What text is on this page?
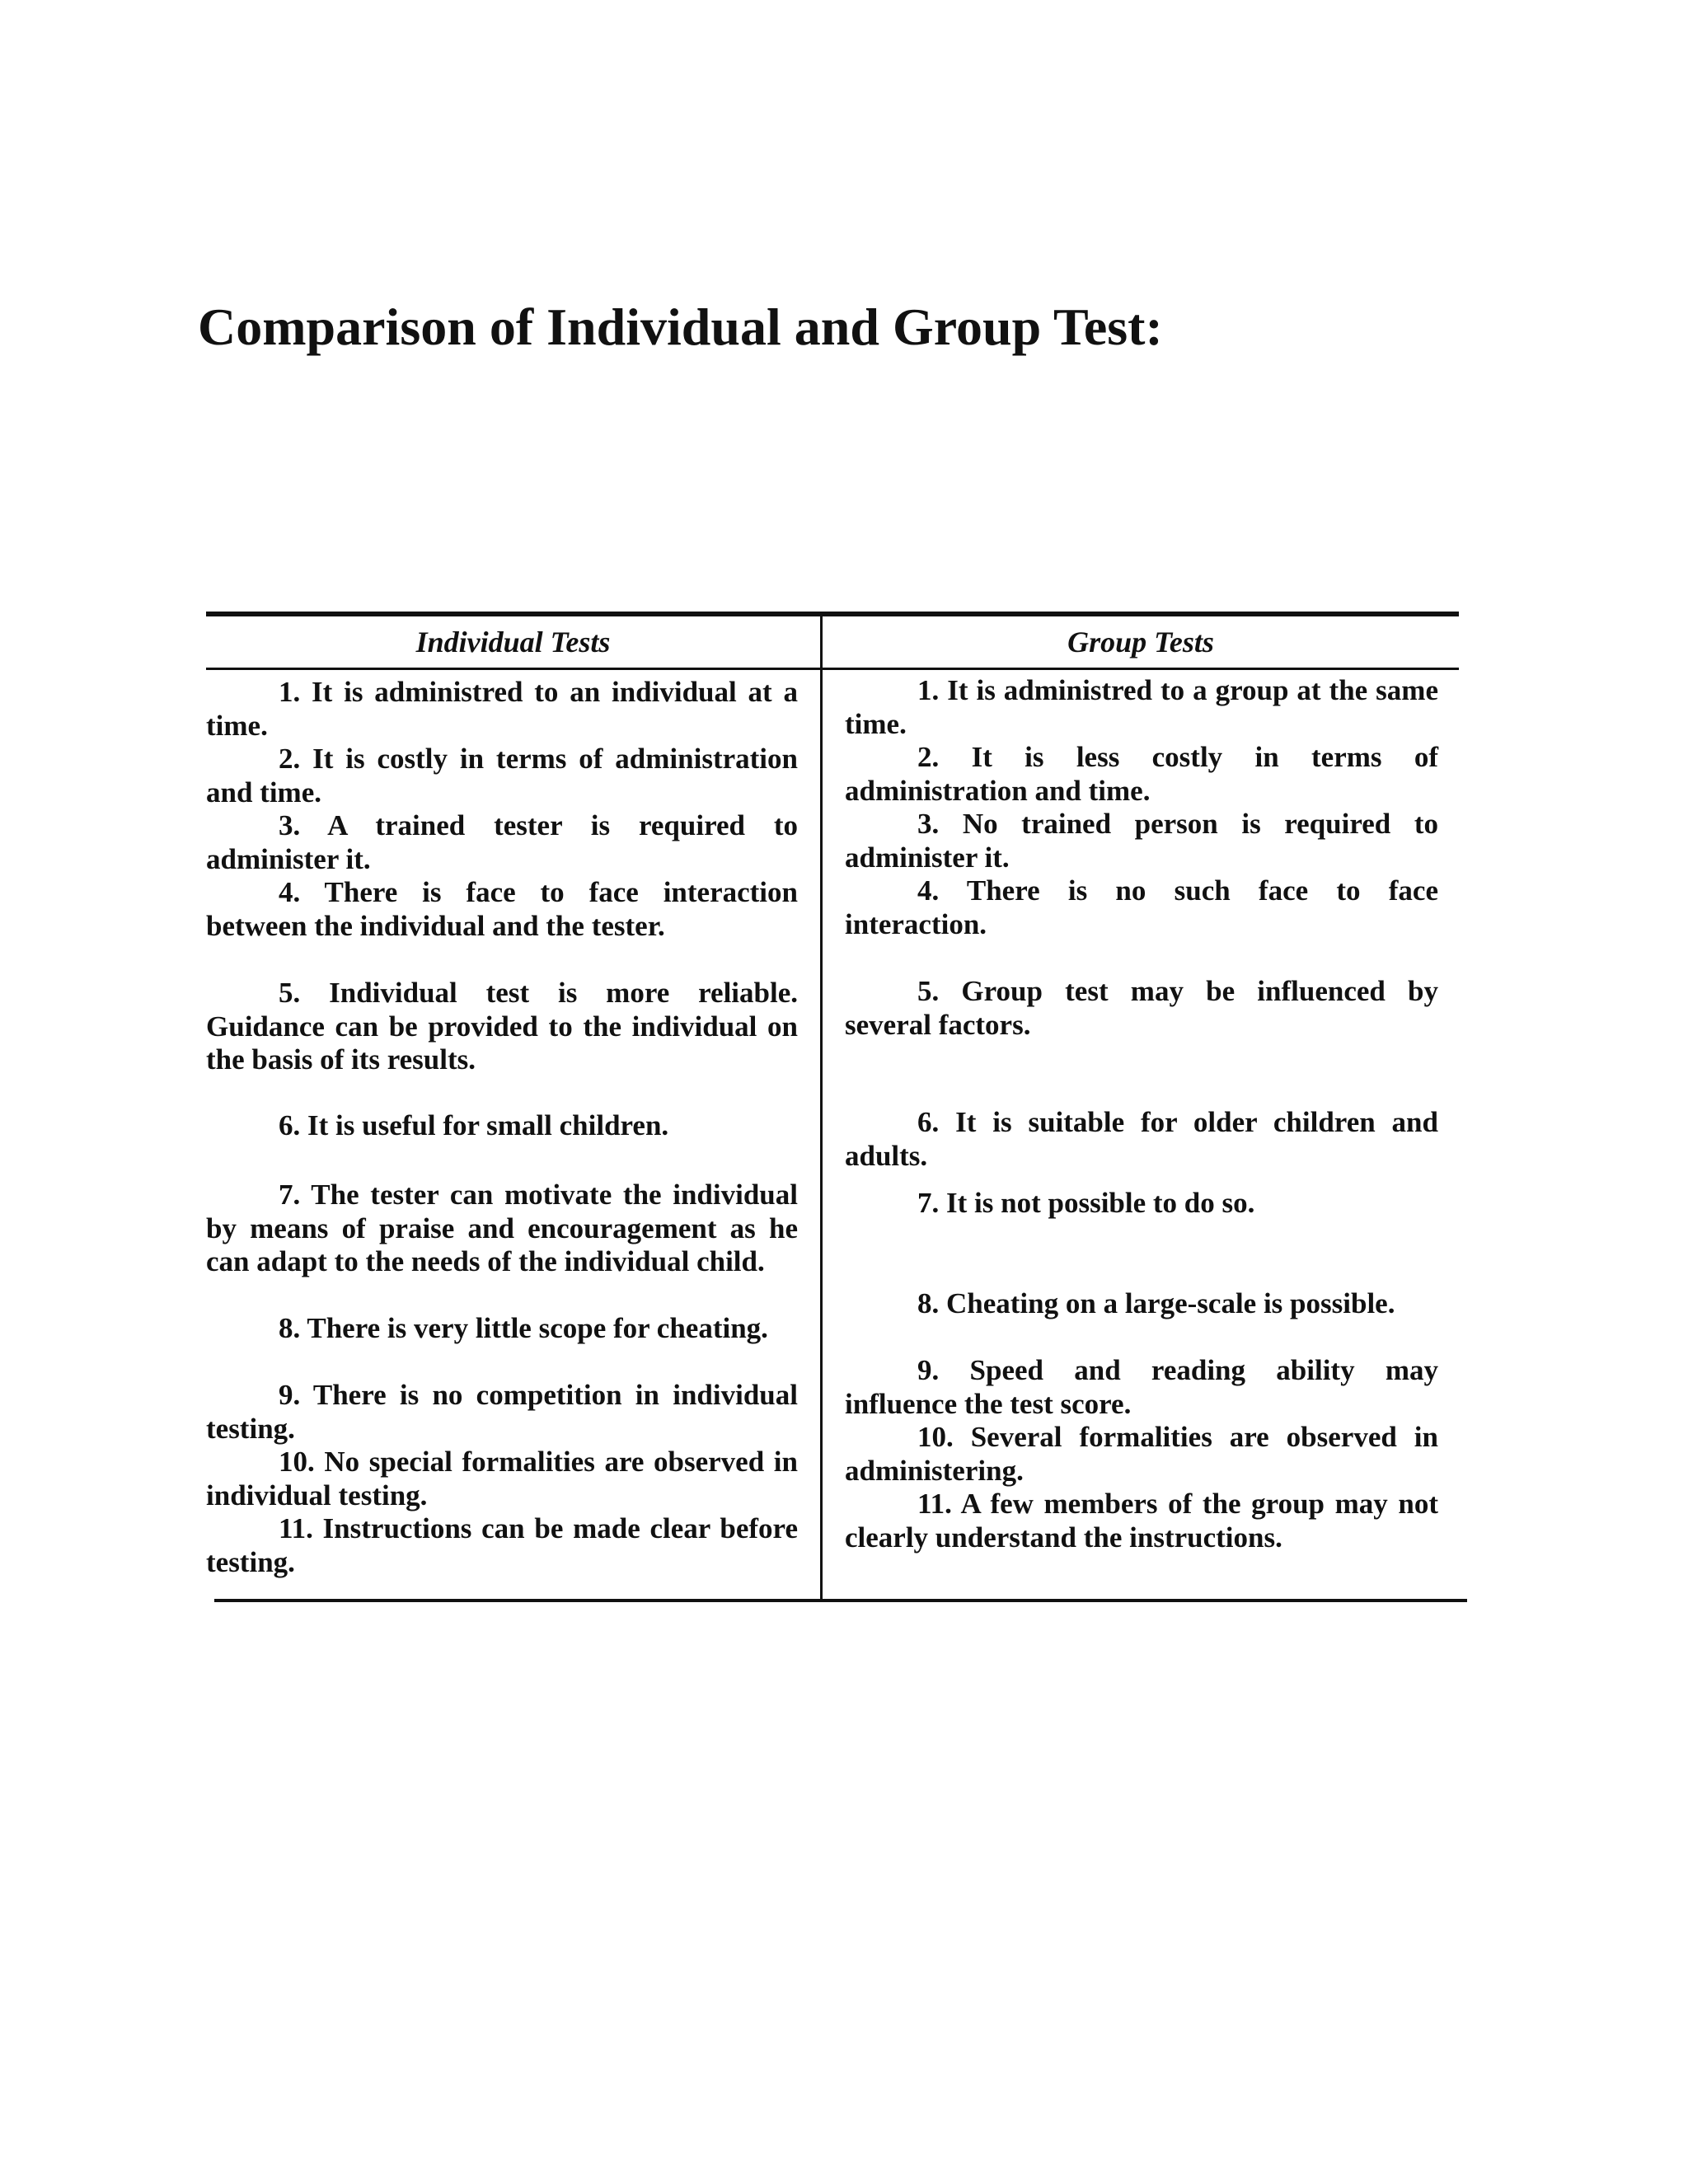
Comparison of Individual and Group Test:
Individual Tests	Group Tests

1. It is administred to an individual at a time.

2. It is costly in terms of administration and time.

3. A trained tester is required to administer it.

4. There is face to face interaction between the individual and the tester.

5. Individual test is more reliable. Guidance can be provided to the individual on the basis of its results.

6. It is useful for small children.

7. The tester can motivate the individual by means of praise and encouragement as he can adapt to the needs of the individual child.

8. There is very little scope for cheating.

9. There is no competition in individual testing.

10. No special formalities are observed in individual testing.

11. Instructions can be made clear before testing.

1. It is administred to a group at the same time.

2. It is less costly in terms of administration and time.

3. No trained person is required to administer it.

4. There is no such face to face interaction.

5. Group test may be influenced by several factors.

6. It is suitable for older children and adults.

7. It is not possible to do so.

8. Cheating on a large-scale is possible.

9. Speed and reading ability may influence the test score.

10. Several formalities are observed in administering.

11. A few members of the group may not clearly understand the instructions.
